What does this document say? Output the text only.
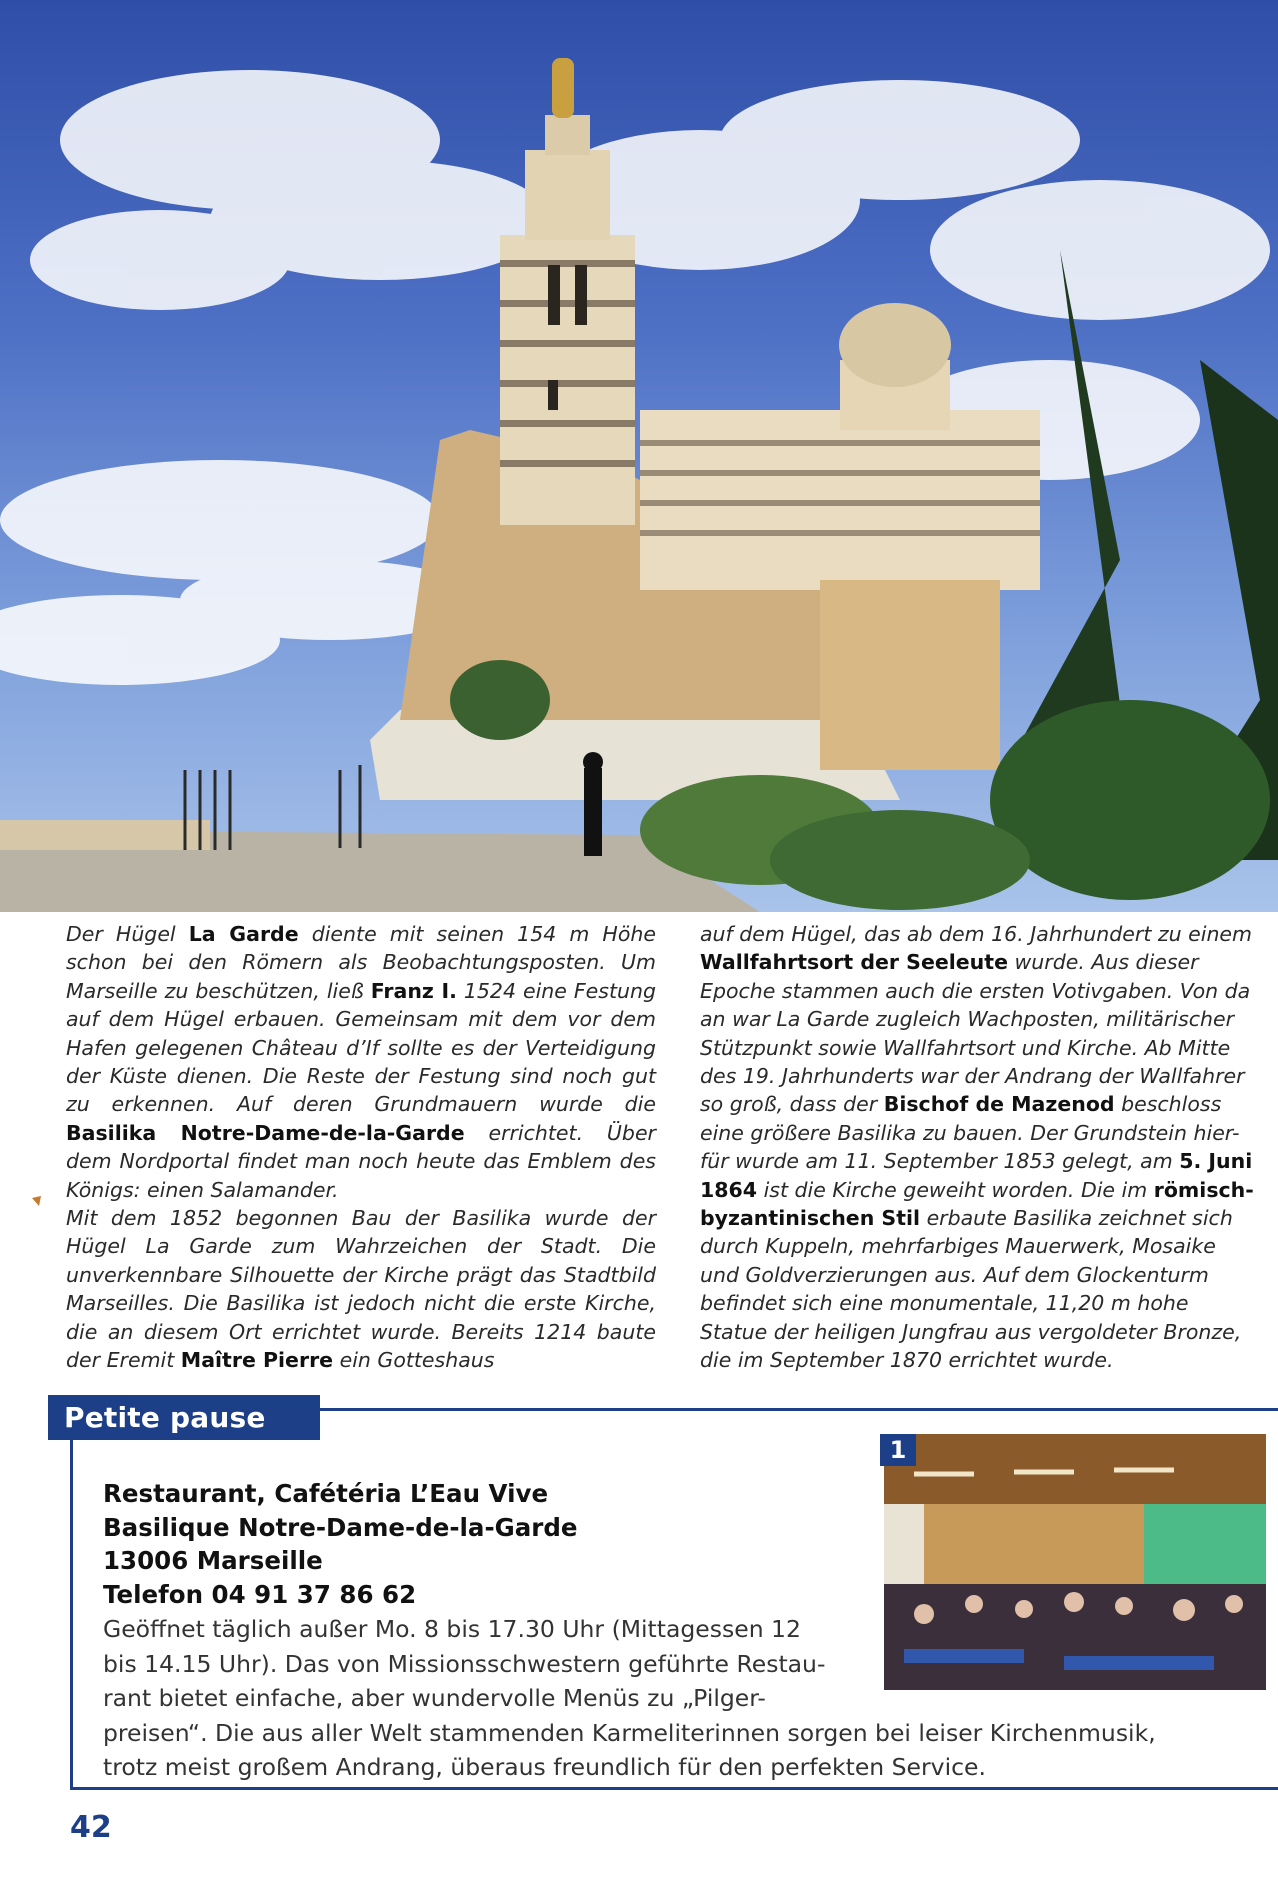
Der Hügel La Garde diente mit seinen 154 m Höhe schon bei den Römern als Beobachtungsposten. Um Marseille zu beschützen, ließ Franz I. 1524 eine Festung auf dem Hügel erbauen. Gemeinsam mit dem vor dem Hafen gelegenen Château d’If sollte es der Verteidigung der Küste dienen. Die Reste der Festung sind noch gut zu erkennen. Auf deren Grundmauern wurde die Basilika Notre-Dame-de-la-Garde errichtet. Über dem Nordportal findet man noch heute das Emblem des Königs: einen Salamander.

Mit dem 1852 begonnen Bau der Basilika wurde der Hügel La Garde zum Wahrzeichen der Stadt. Die unverkennbare Silhouette der Kirche prägt das Stadtbild Marseilles. Die Basilika ist jedoch nicht die erste Kirche, die an diesem Ort errichtet wurde. Bereits 1214 baute der Eremit Maître Pierre ein Gotteshaus

auf dem Hügel, das ab dem 16. Jahrhundert zu einem

Wallfahrtsort der Seeleute wurde. Aus dieser

Epoche stammen auch die ersten Votivgaben. Von da

an war La Garde zugleich Wachposten, militärischer

Stützpunkt sowie Wallfahrtsort und Kirche. Ab Mitte

des 19. Jahrhunderts war der Andrang der Wallfahrer

so groß, dass der Bischof de Mazenod beschloss

eine größere Basilika zu bauen. Der Grundstein hier-

für wurde am 11. September 1853 gelegt, am 5. Juni

1864 ist die Kirche geweiht worden. Die im römisch-

byzantinischen Stil erbaute Basilika zeichnet sich

durch Kuppeln, mehrfarbiges Mauerwerk, Mosaike

und Goldverzierungen aus. Auf dem Glockenturm

befindet sich eine monumentale, 11,20 m hohe

Statue der heiligen Jungfrau aus vergoldeter Bronze,

die im September 1870 errichtet wurde.

Petite pause
Restaurant, Cafétéria L’Eau Vive
Basilique Notre-Dame-de-la-Garde
13006 Marseille
Telefon 04 91 37 86 62
Geöffnet täglich außer Mo. 8 bis 17.30 Uhr (Mittagessen 12
bis 14.15 Uhr). Das von Missionsschwestern geführte Restau-
rant bietet einfache, aber wundervolle Menüs zu „Pilger-
preisen“. Die aus aller Welt stammenden Karmeliterinnen sorgen bei leiser Kirchenmusik,
trotz meist großem Andrang, überaus freundlich für den perfekten Service.
1
42
